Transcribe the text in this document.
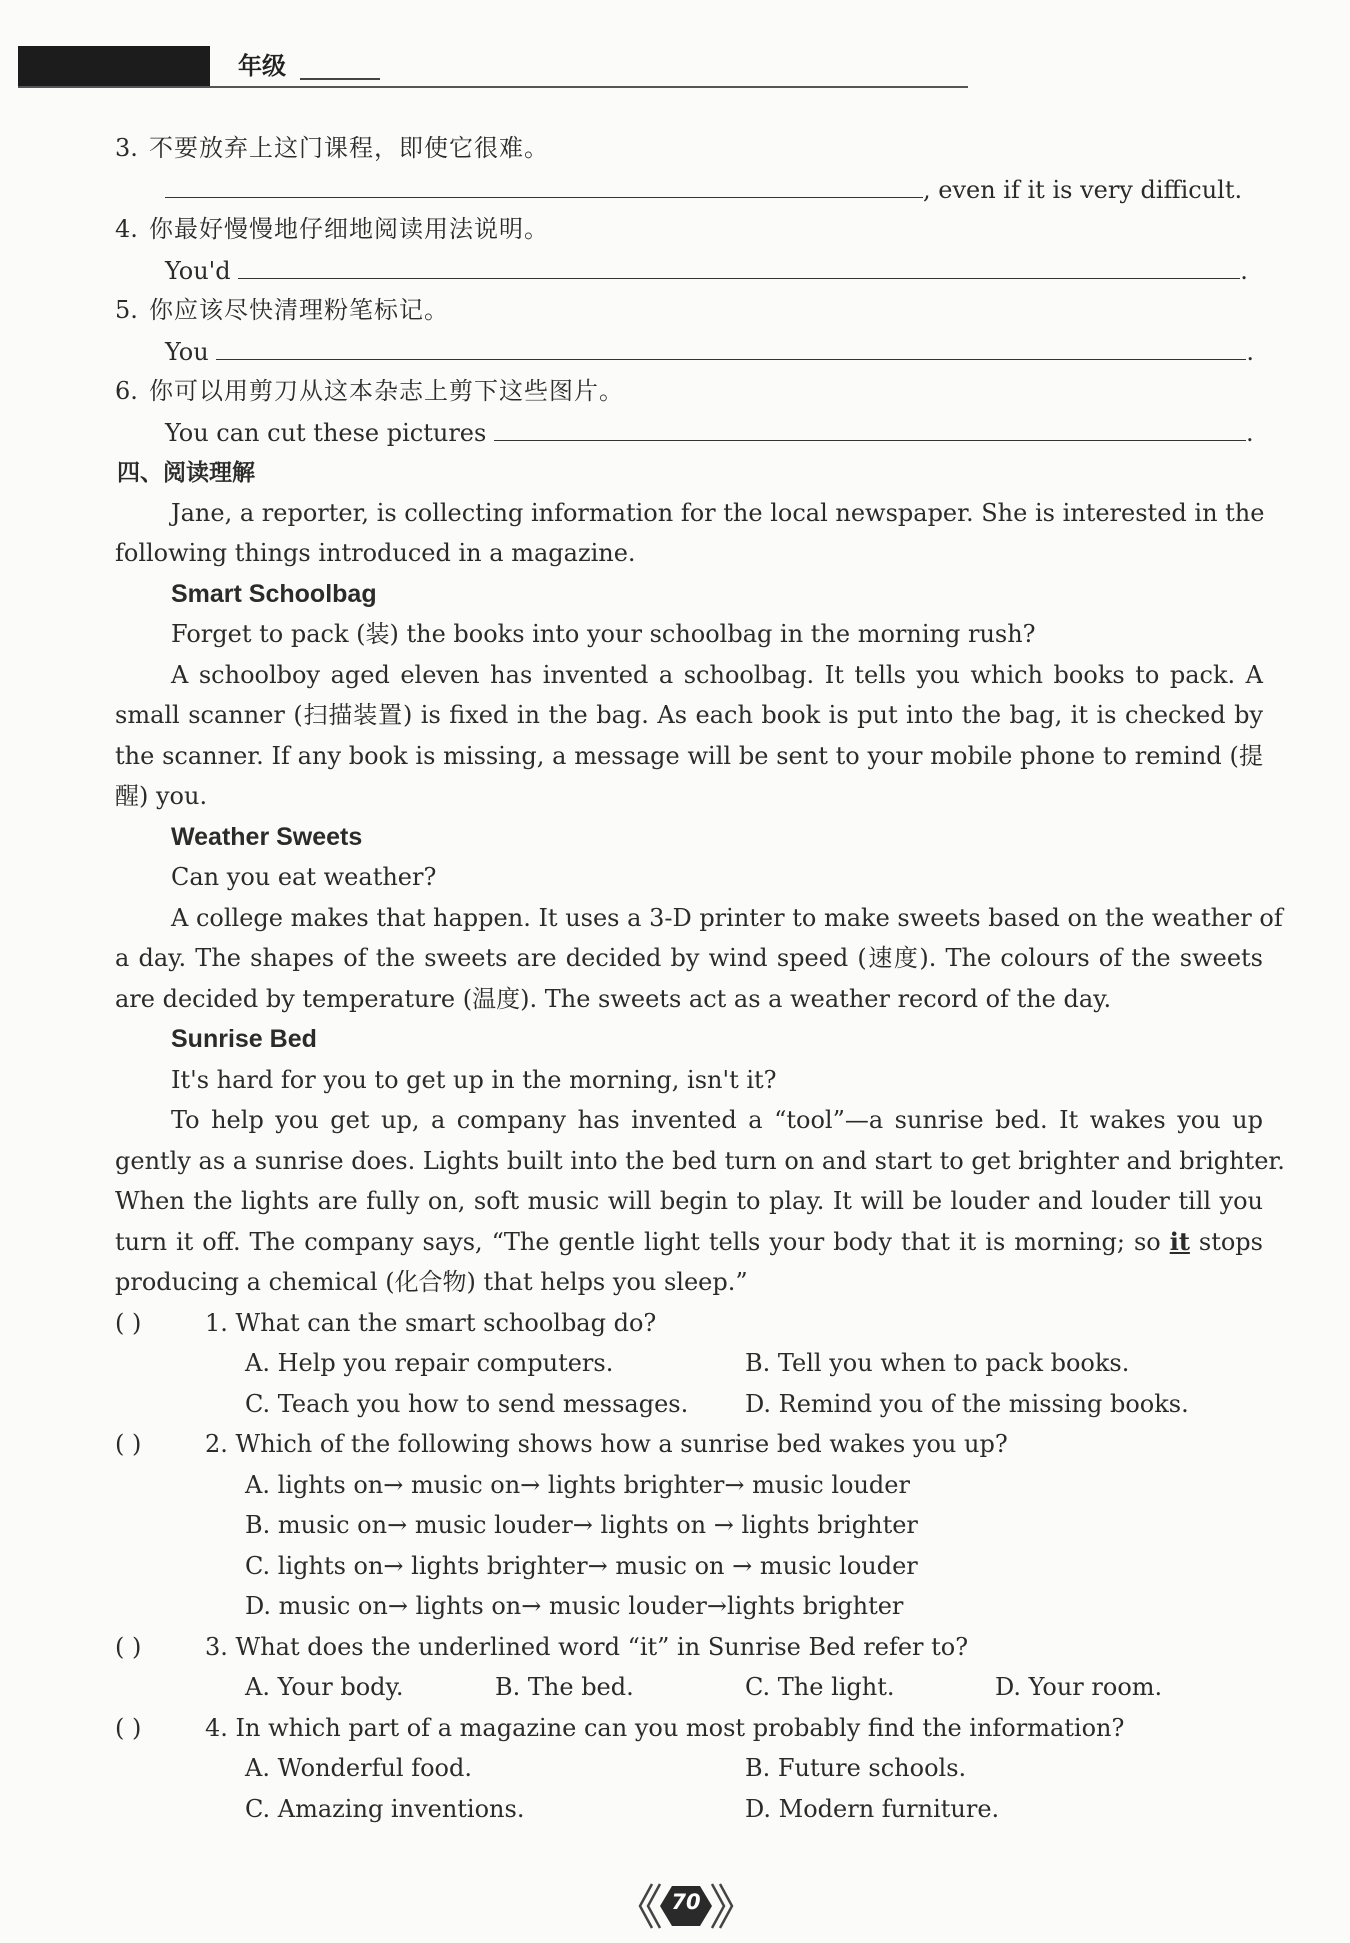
年级
3. 不要放弃上这门课程，即使它很难。
, even if it is very difficult.
4. 你最好慢慢地仔细地阅读用法说明。
You'd	.
5. 你应该尽快清理粉笔标记。
You	.
6. 你可以用剪刀从这本杂志上剪下这些图片。
You can cut these pictures	.
四、阅读理解
Jane, a reporter, is collecting information for the local newspaper. She is interested in the
following things introduced in a magazine.
Smart Schoolbag
Forget to pack (装) the books into your schoolbag in the morning rush?
A schoolboy aged eleven has invented a schoolbag. It tells you which books to pack. A
small scanner (扫描装置) is fixed in the bag. As each book is put into the bag, it is checked by
the scanner. If any book is missing, a message will be sent to your mobile phone to remind (提
醒) you.
Weather Sweets
Can you eat weather?
A college makes that happen. It uses a 3-D printer to make sweets based on the weather of
a day. The shapes of the sweets are decided by wind speed (速度). The colours of the sweets
are decided by temperature (温度). The sweets act as a weather record of the day.
Sunrise Bed
It's hard for you to get up in the morning, isn't it?
To help you get up, a company has invented a “tool”—a sunrise bed. It wakes you up
gently as a sunrise does. Lights built into the bed turn on and start to get brighter and brighter.
When the lights are fully on, soft music will begin to play. It will be louder and louder till you
turn it off. The company says, “The gentle light tells your body that it is morning; so it stops
producing a chemical (化合物) that helps you sleep.”
( )	1. What can the smart schoolbag do?
A. Help you repair computers.	B. Tell you when to pack books.
C. Teach you how to send messages. D. Remind you of the missing books.
( )	2. Which of the following shows how a sunrise bed wakes you up?
A. lights on→ music on→ lights brighter→ music louder
B. music on→ music louder→ lights on → lights brighter
C. lights on→ lights brighter→ music on → music louder
D. music on→ lights on→ music louder→lights brighter
( )	3. What does the underlined word “it” in Sunrise Bed refer to?
A. Your body.	B. The bed.	C. The light.	D. Your room.
( )	4. In which part of a magazine can you most probably find the information?
A. Wonderful food.	B. Future schools.
C. Amazing inventions.	D. Modern furniture.
70
